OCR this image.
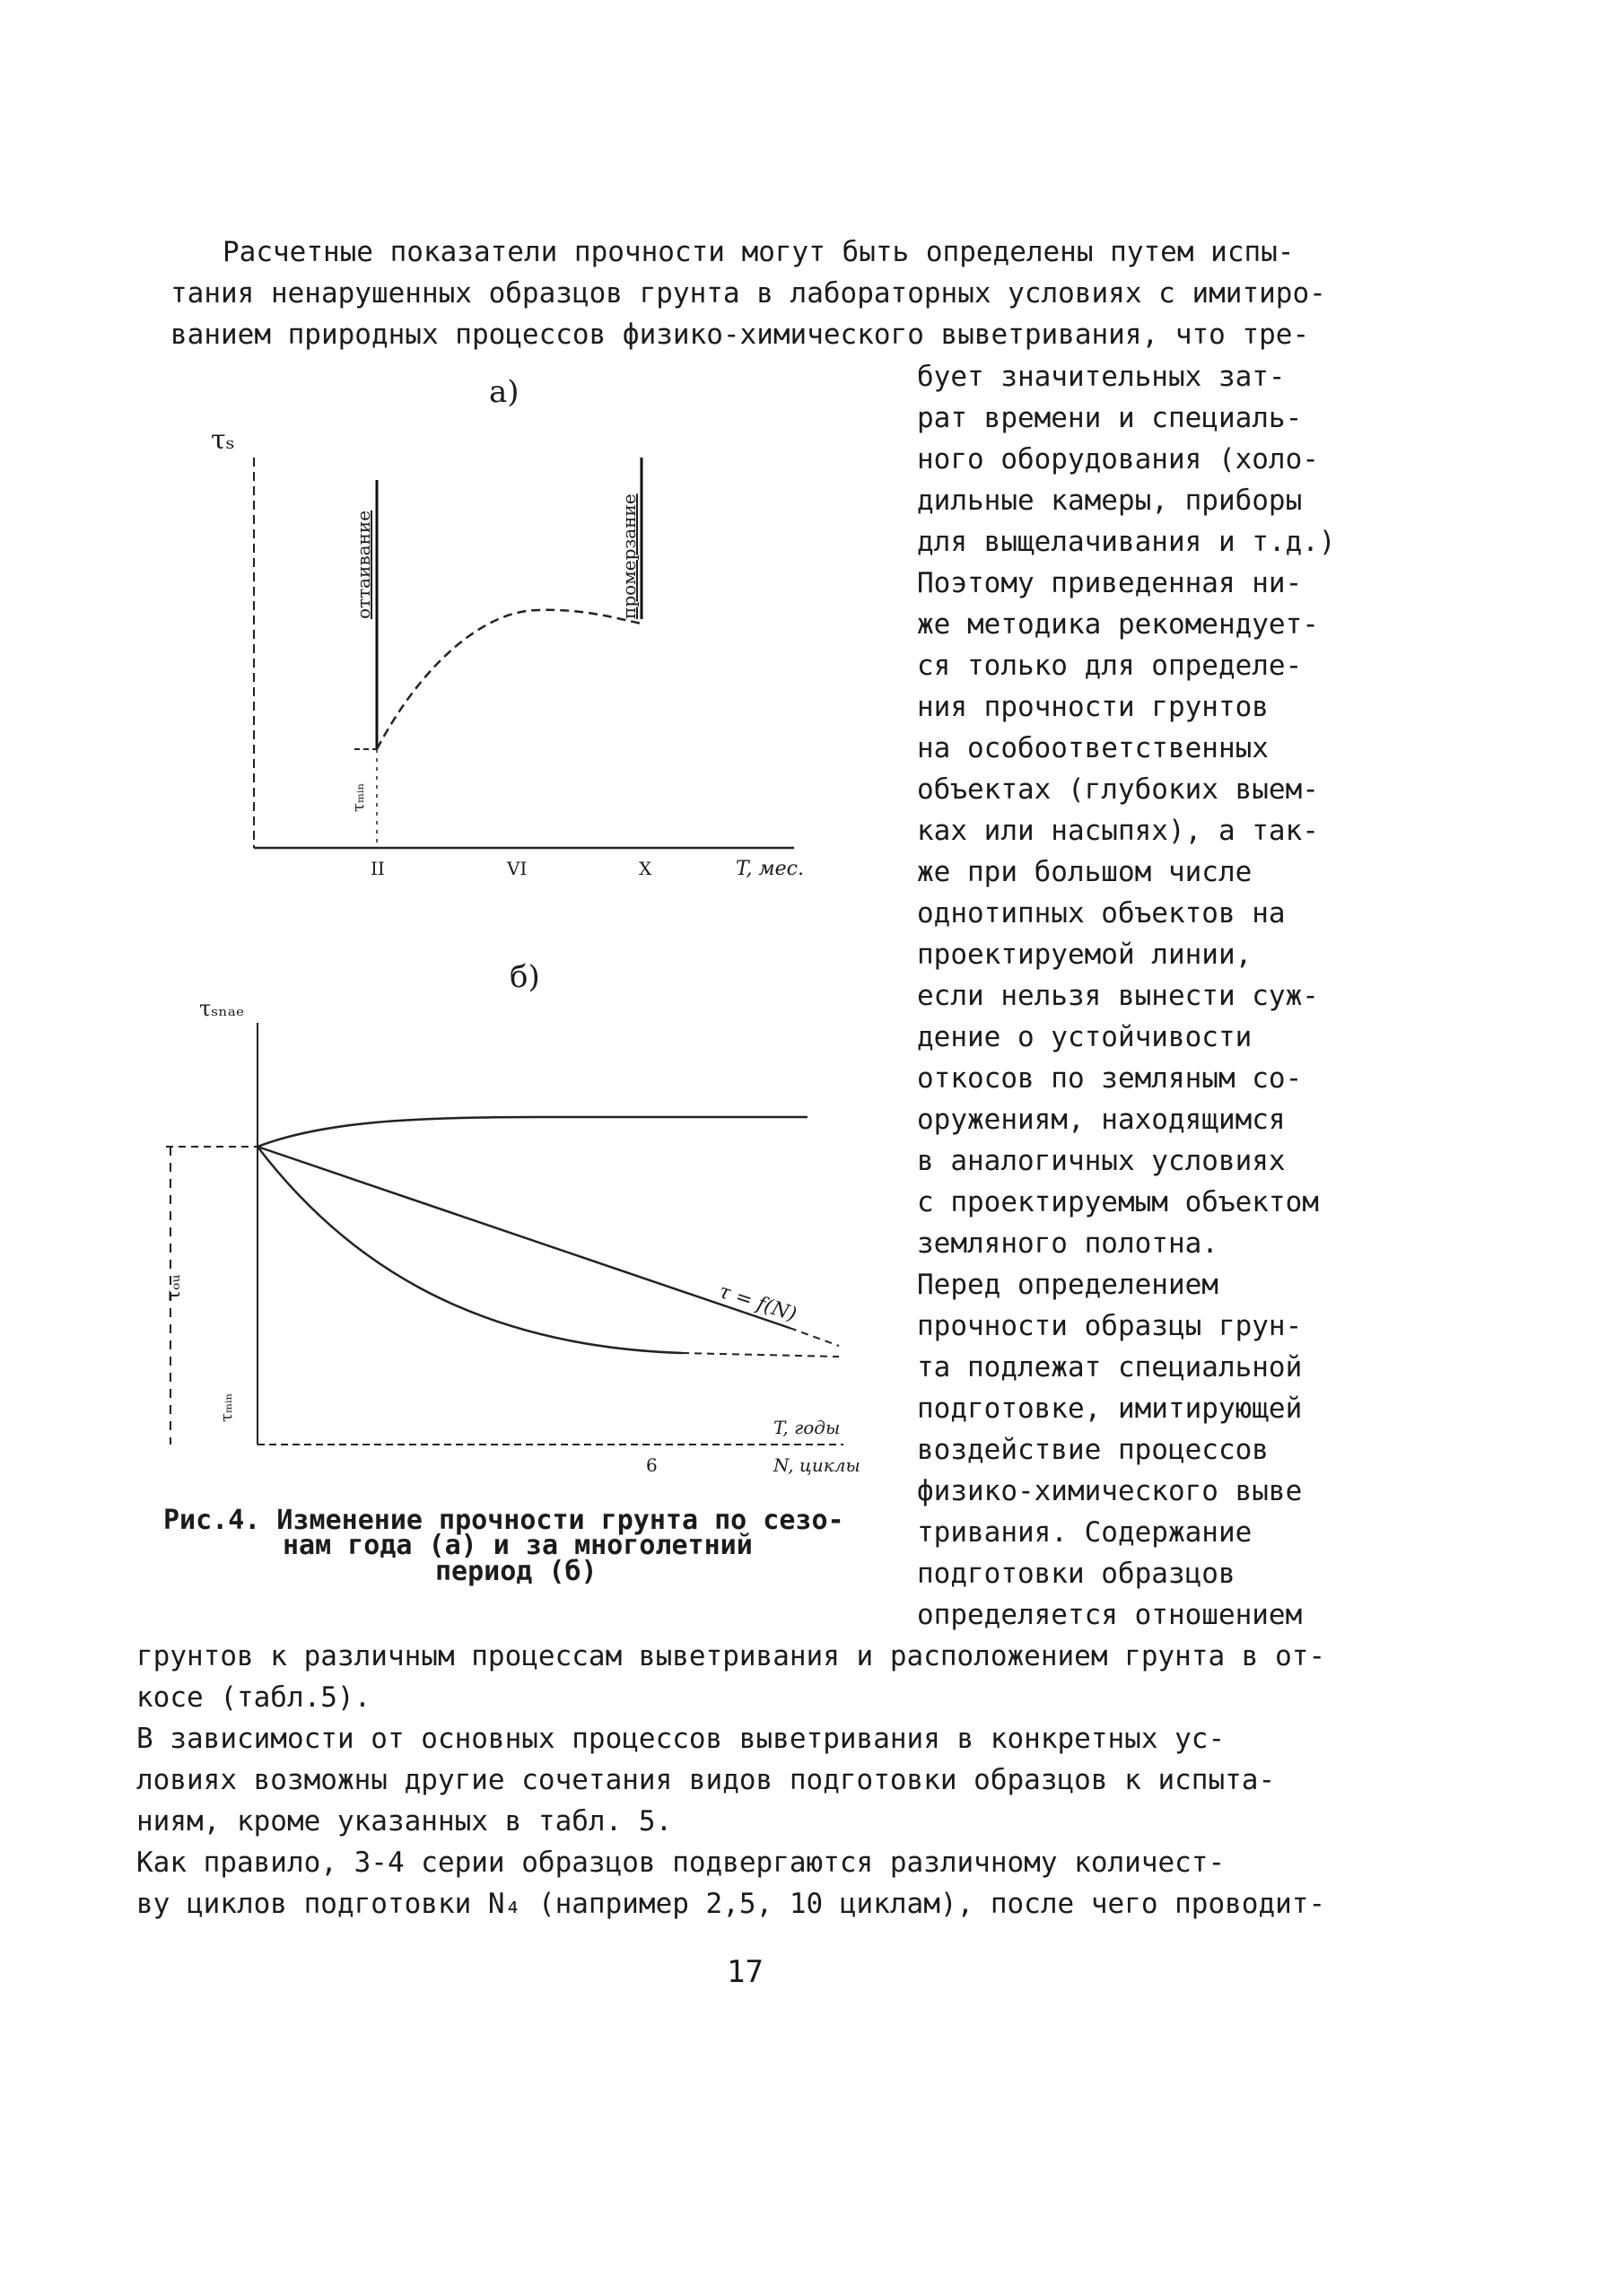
Расчетные показатели прочности могут быть определены путем испы-
тания ненарушенных образцов грунта в лабораторных условиях с имитиро-
ванием природных процессов физико-химического выветривания, что тре-
бует значительных зат-
рат времени и специаль-
ного оборудования (холо-
дильные камеры, приборы
для выщелачивания и т.д.)
Поэтому приведенная ни-
же методика рекомендует-
ся только для определе-
ния прочности грунтов
на особоответственных
объектах (глубоких выем-
ках или насыпях), а так-
же при большом числе
однотипных объектов на
проектируемой линии,
если нельзя вынести суж-
дение о устойчивости
откосов по земляным со-
оружениям, находящимся
в аналогичных условиях
с проектируемым объектом
земляного полотна.
Перед определением
прочности образцы грун-
та подлежат специальной
подготовке, имитирующей
воздействие процессов
физико-химического выве
тривания. Содержание
подготовки образцов
определяется отношением
грунтов к различным процессам выветривания и расположением грунта в от-
косе (табл.5).
В зависимости от основных процессов выветривания в конкретных ус-
ловиях возможны другие сочетания видов подготовки образцов к испыта-
ниям, кроме указанных в табл. 5.
Как правило, 3-4 серии образцов подвергаются различному количест-
ву циклов подготовки N₄ (например 2,5, 10 циклам), после чего проводит-
Рис.4. Изменение прочности грунта по сезо-
нам года (а) и за многолетний
период (б)
17
а)
τₛ
оттаивание	промерзание
τₘᵢₙ
II	VI	X	T, мес.
б)
τₛₙₐₑ
τₒᵤ
τₘᵢₙ
τ = f(N)
6
T, годы
N, циклы
